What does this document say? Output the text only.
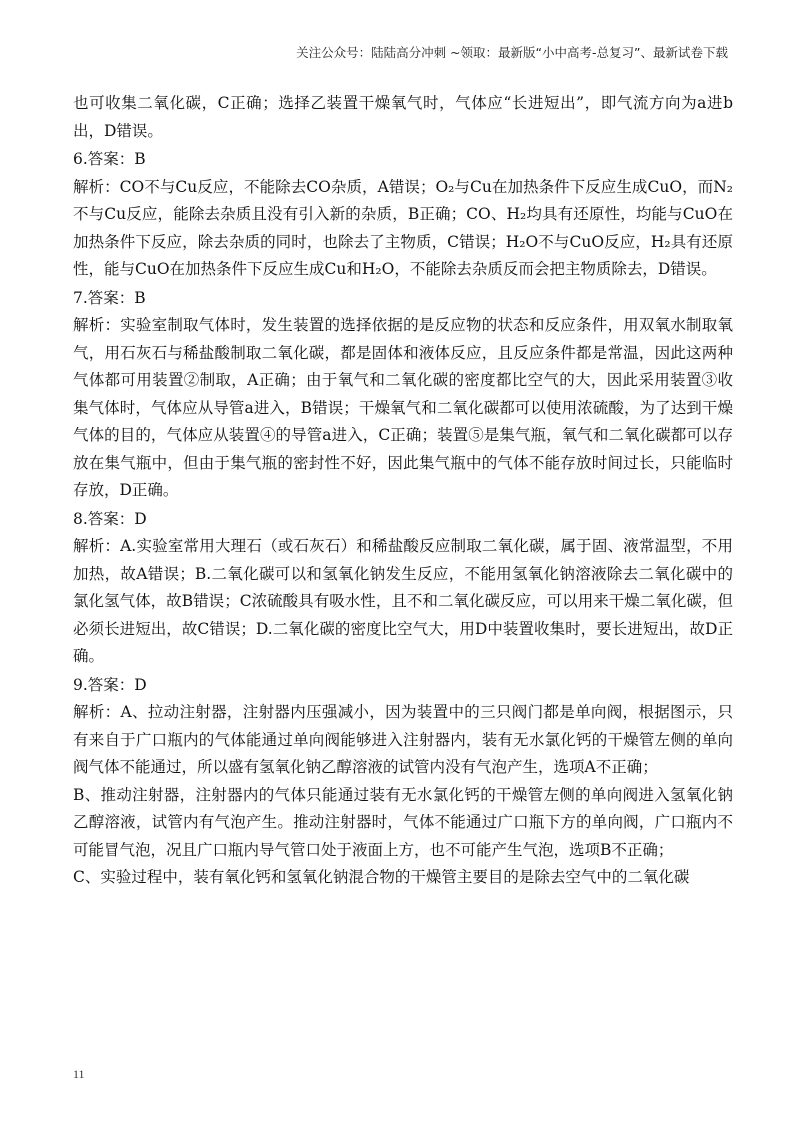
关注公众号：陆陆高分冲刺 ~领取：最新版“小中高考-总复习”、最新试卷下载

也可收集二氧化碳，C正确；选择乙装置干燥氧气时，气体应“长进短出”，即气流方向为a进b出，D错误。

6.答案：B

解析：CO不与Cu反应，不能除去CO杂质，A错误；O₂与Cu在加热条件下反应生成CuO，而N₂不与Cu反应，能除去杂质且没有引入新的杂质，B正确；CO、H₂均具有还原性，均能与CuO在加热条件下反应，除去杂质的同时，也除去了主物质，C错误；H₂O不与CuO反应，H₂具有还原性，能与CuO在加热条件下反应生成Cu和H₂O，不能除去杂质反而会把主物质除去，D错误。

7.答案：B

解析：实验室制取气体时，发生装置的选择依据的是反应物的状态和反应条件，用双氧水制取氧气，用石灰石与稀盐酸制取二氧化碳，都是固体和液体反应，且反应条件都是常温，因此这两种气体都可用装置②制取，A正确；由于氧气和二氧化碳的密度都比空气的大，因此采用装置③收集气体时，气体应从导管a进入，B错误；干燥氧气和二氧化碳都可以使用浓硫酸，为了达到干燥气体的目的，气体应从装置④的导管a进入，C正确；装置⑤是集气瓶，氧气和二氧化碳都可以存放在集气瓶中，但由于集气瓶的密封性不好，因此集气瓶中的气体不能存放时间过长，只能临时存放，D正确。

8.答案：D

解析：A.实验室常用大理石（或石灰石）和稀盐酸反应制取二氧化碳，属于固、液常温型，不用加热，故A错误；B.二氧化碳可以和氢氧化钠发生反应，不能用氢氧化钠溶液除去二氧化碳中的氯化氢气体，故B错误；C浓硫酸具有吸水性，且不和二氧化碳反应，可以用来干燥二氧化碳，但必须长进短出，故C错误；D.二氧化碳的密度比空气大，用D中装置收集时，要长进短出，故D正确。

9.答案：D

解析：A、拉动注射器，注射器内压强减小，因为装置中的三只阀门都是单向阀，根据图示，只有来自于广口瓶内的气体能通过单向阀能够进入注射器内，装有无水氯化钙的干燥管左侧的单向阀气体不能通过，所以盛有氢氧化钠乙醇溶液的试管内没有气泡产生，选项A不正确；

B、推动注射器，注射器内的气体只能通过装有无水氯化钙的干燥管左侧的单向阀进入氢氧化钠乙醇溶液，试管内有气泡产生。推动注射器时，气体不能通过广口瓶下方的单向阀，广口瓶内不可能冒气泡，况且广口瓶内导气管口处于液面上方，也不可能产生气泡，选项B不正确；

C、实验过程中，装有氧化钙和氢氧化钠混合物的干燥管主要目的是除去空气中的二氧化碳

11
